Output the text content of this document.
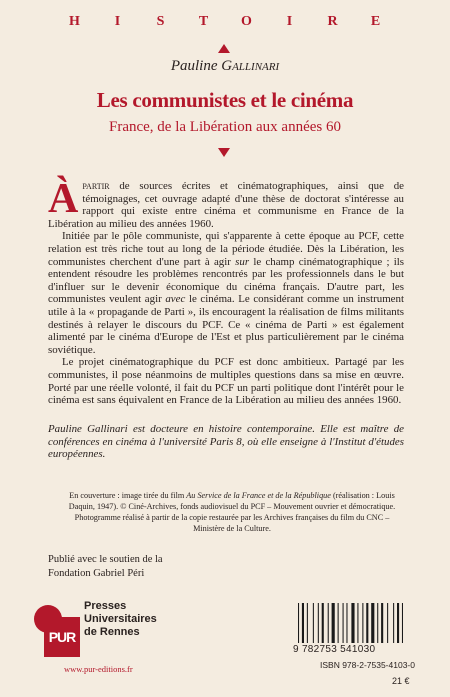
H I	S T O I	R E
Pauline Gallinari
Les communistes et le cinéma
France, de la Libération aux années 60

Àpartir de sources écrites et cinématographiques, ainsi que de témoignages, cet ouvrage adapté d'une thèse de doctorat s'intéresse au rapport qui existe entre cinéma et communisme en France de la Libération au milieu des années 1960.

Initiée par le pôle communiste, qui s'apparente à cette époque au PCF, cette relation est très riche tout au long de la période étudiée. Dès la Libération, les communistes cherchent d'une part à agir sur le champ cinématographique ; ils entendent résoudre les problèmes rencontrés par les professionnels dans le but d'influer sur le devenir économique du cinéma français. D'autre part, les communistes veulent agir avec le cinéma. Le considérant comme un instrument utile à la « propagande de Parti », ils encouragent la réalisation de films militants destinés à relayer le discours du PCF. Ce « cinéma de Parti » est également alimenté par le cinéma d'Europe de l'Est et plus particulièrement par le cinéma soviétique.

Le projet cinématographique du PCF est donc ambitieux. Partagé par les communistes, il pose néanmoins de multiples questions dans sa mise en œuvre. Porté par une réelle volonté, il fait du PCF un parti politique dont l'intérêt pour le cinéma est sans équivalent en France de la Libération au milieu des années 1960.

Pauline Gallinari est docteure en histoire contemporaine. Elle est maître de conférences en cinéma à l'université Paris 8, où elle enseigne à l'Institut d'études européennes.
En couverture : image tirée du film Au Service de la France et de la République (réalisation : Louis Daquin, 1947). © Ciné-Archives, fonds audiovisuel du PCF – Mouvement ouvrier et démocratique. Photogramme réalisé à partir de la copie restaurée par les Archives françaises du film du CNC – Ministère de la Culture.
Publié avec le soutien de la
Fondation Gabriel Péri
PUR
Presses
Universitaires
de Rennes
www.pur-editions.fr
9 782753 541030
ISBN 978-2-7535-4103-0
21 €
